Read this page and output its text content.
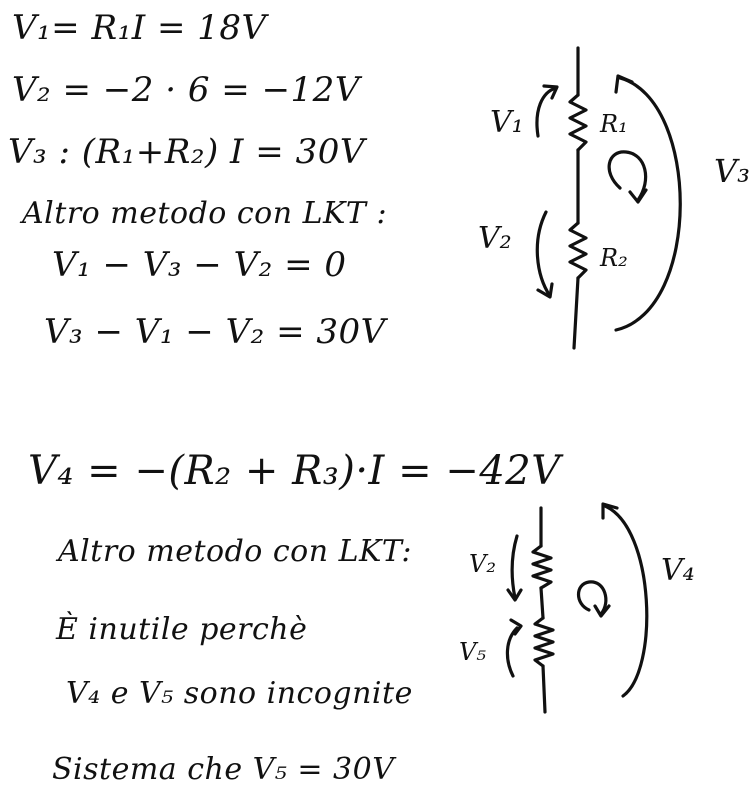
V₁= R₁I = 18V
V₂ = −2 · 6 = −12V
V₃ : (R₁+R₂) I = 30V
Altro metodo con LKT :
V₁ − V₃ − V₂ = 0
V₃ − V₁ − V₂ = 30V
V₁
V₂
V₃
R₁
R₂
V₄ = −(R₂ + R₃)·I = −42V
Altro metodo con LKT:
È inutile perchè
V₄ e V₅ sono incognite
Sistema che V₅ = 30V
V₂	V₄
V₅
